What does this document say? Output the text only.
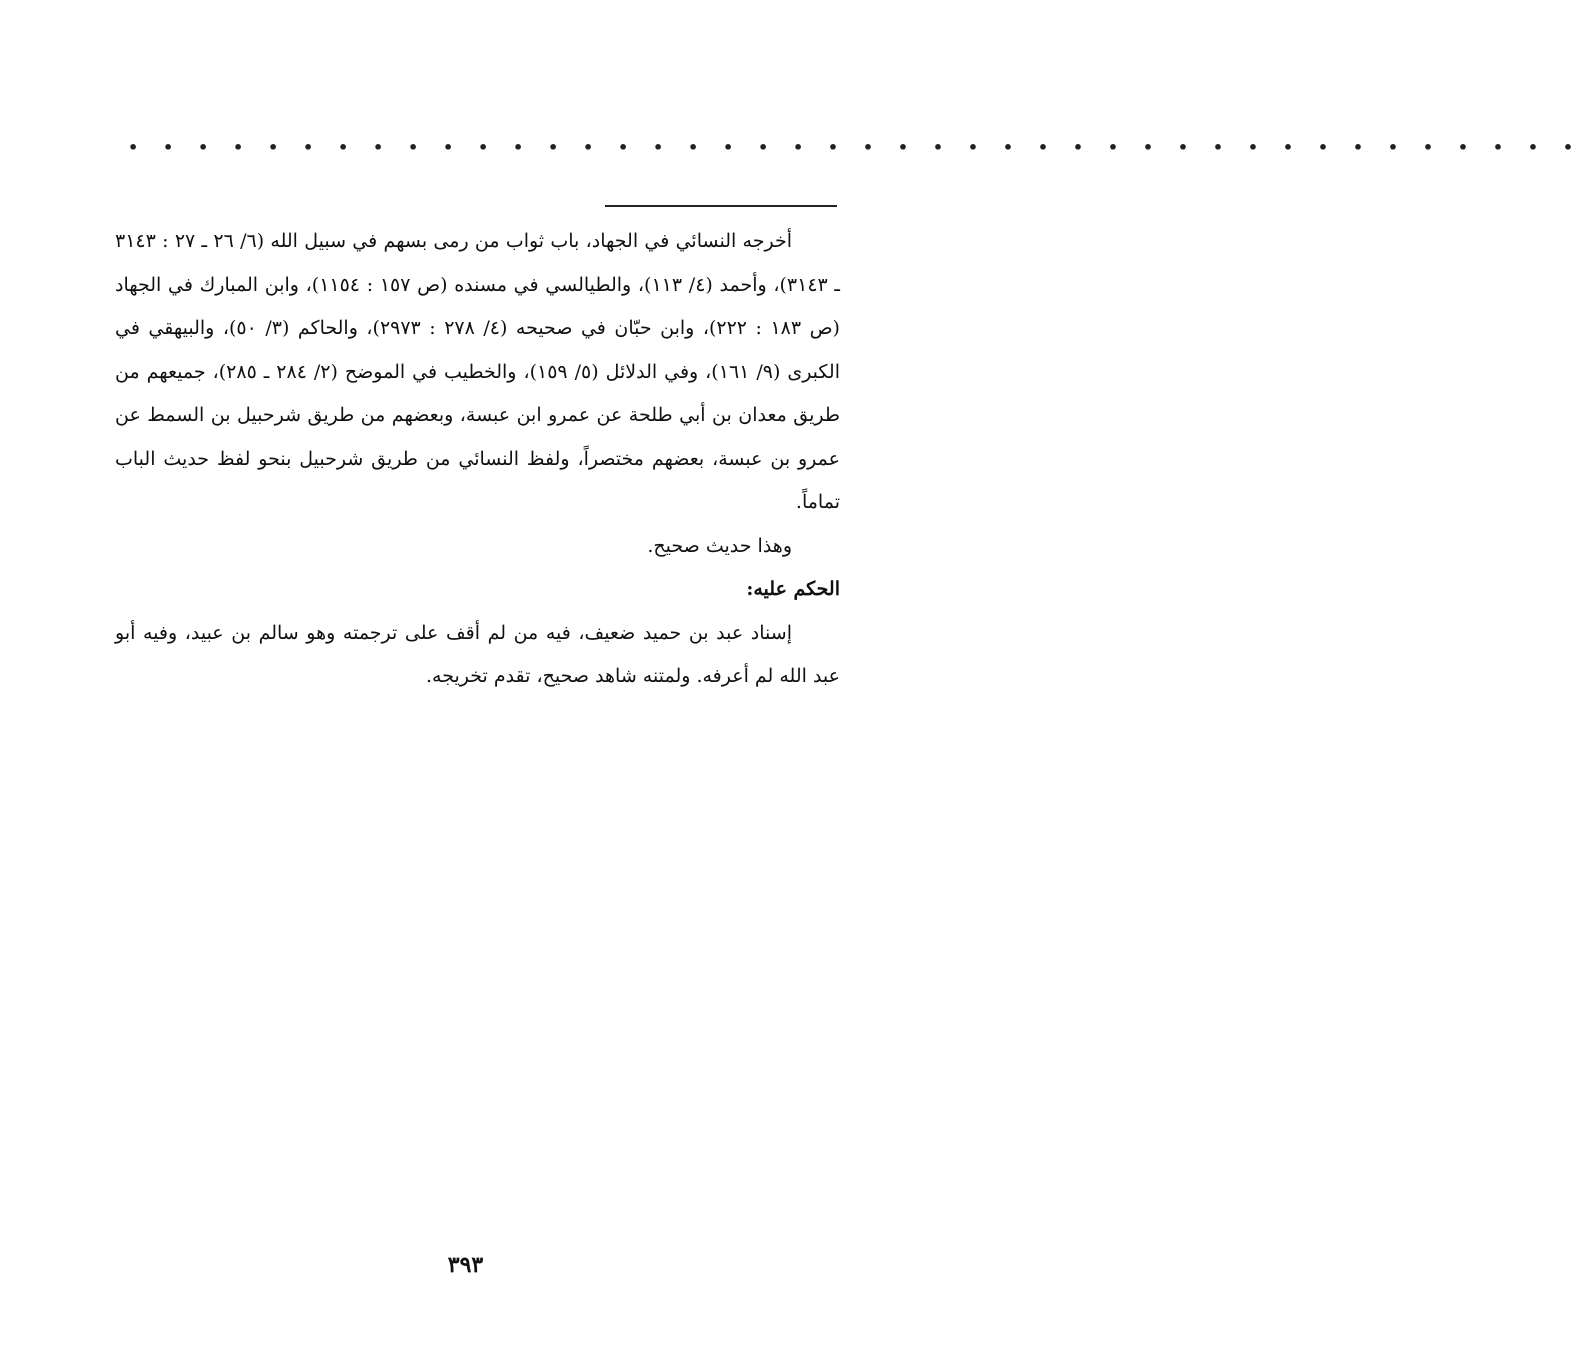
• • • • • • • • • • • • • • • • • • • • • • • • • • • • • • • • • • • • • • • • • •

أخرجه النسائي في الجهاد، باب ثواب من رمى بسهم في سبيل الله (٦/ ٢٦ ـ ٢٧ : ٣١٤٣ ـ ٣١٤٣)، وأحمد (٤/ ١١٣)، والطيالسي في مسنده (ص ١٥٧ : ١١٥٤)، وابن المبارك في الجهاد (ص ١٨٣ : ٢٢٢)، وابن حبّان في صحيحه (٤/ ٢٧٨ : ٢٩٧٣)، والحاكم (٣/ ٥٠)، والبيهقي في الكبرى (٩/ ١٦١)، وفي الدلائل (٥/ ١٥٩)، والخطيب في الموضح (٢/ ٢٨٤ ـ ٢٨٥)، جميعهم من طريق معدان بن أبي طلحة عن عمرو ابن عبسة، وبعضهم من طريق شرحبيل بن السمط عن عمرو بن عبسة، بعضهم مختصراً، ولفظ النسائي من طريق شرحبيل بنحو لفظ حديث الباب تماماً.

وهذا حديث صحيح.

الحكم عليه:

إسناد عبد بن حميد ضعيف، فيه من لم أقف على ترجمته وهو سالم بن عبيد، وفيه أبو عبد الله لم أعرفه. ولمتنه شاهد صحيح، تقدم تخريجه.

٣٩٣
